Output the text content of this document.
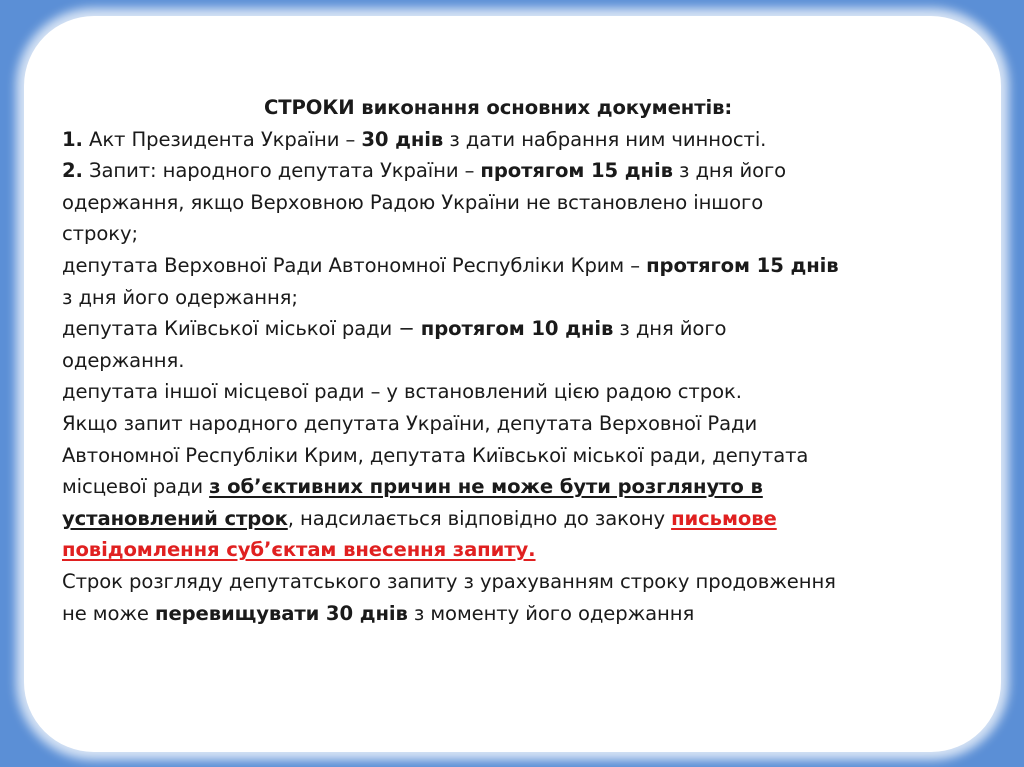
СТРОКИ виконання основних документів:
1. Акт Президента України – 30 днів з дати набрання ним чинності.
2. Запит: народного депутата України – протягом 15 днів з дня його
одержання, якщо Верховною Радою України не встановлено іншого
строку;
депутата Верховної Ради Автономної Республіки Крим – протягом 15 днів
з дня його одержання;
депутата Київської міської ради − протягом 10 днів з дня його
одержання.
депутата іншої місцевої ради – у встановлений цією радою строк.
Якщо запит народного депутата України, депутата Верховної Ради
Автономної Республіки Крим, депутата Київської міської ради, депутата
місцевої ради з об’єктивних причин не може бути розглянуто в
установлений строк, надсилається відповідно до закону письмове
повідомлення суб’єктам внесення запиту.
Строк розгляду депутатського запиту з урахуванням строку продовження
не може перевищувати 30 днів з моменту його одержання
